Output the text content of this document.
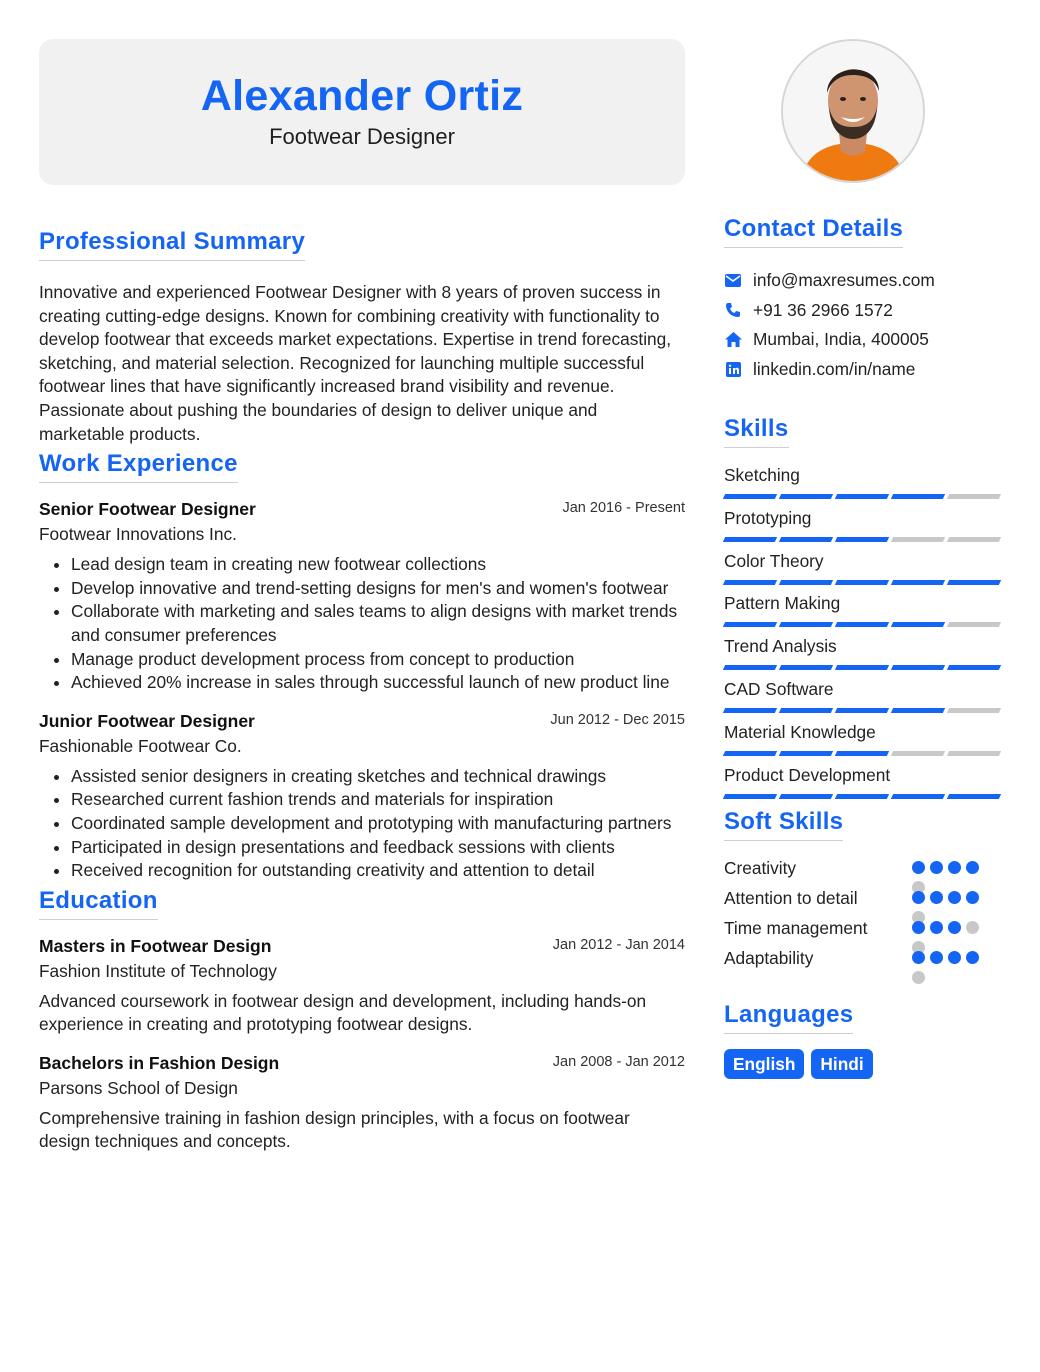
Alexander Ortiz
Footwear Designer
Professional Summary
Innovative and experienced Footwear Designer with 8 years of proven success in creating cutting-edge designs. Known for combining creativity with functionality to develop footwear that exceeds market expectations. Expertise in trend forecasting, sketching, and material selection. Recognized for launching multiple successful footwear lines that have significantly increased brand visibility and revenue. Passionate about pushing the boundaries of design to deliver unique and marketable products.
Work Experience
Senior Footwear Designer	Jan 2016 - Present
Footwear Innovations Inc.
• Lead design team in creating new footwear collections
• Develop innovative and trend-setting designs for men's and women's footwear
• Collaborate with marketing and sales teams to align designs with market trends and consumer preferences
• Manage product development process from concept to production
• Achieved 20% increase in sales through successful launch of new product line
Junior Footwear Designer	Jun 2012 - Dec 2015
Fashionable Footwear Co.
• Assisted senior designers in creating sketches and technical drawings
• Researched current fashion trends and materials for inspiration
• Coordinated sample development and prototyping with manufacturing partners
• Participated in design presentations and feedback sessions with clients
• Received recognition for outstanding creativity and attention to detail
Education
Masters in Footwear Design	Jan 2012 - Jan 2014
Fashion Institute of Technology
Advanced coursework in footwear design and development, including hands-on experience in creating and prototyping footwear designs.
Bachelors in Fashion Design	Jan 2008 - Jan 2012
Parsons School of Design
Comprehensive training in fashion design principles, with a focus on footwear design techniques and concepts.
Contact Details
info@maxresumes.com
+91 36 2966 1572
Mumbai, India, 400005
linkedin.com/in/name
Skills
Sketching
Prototyping
Color Theory
Pattern Making
Trend Analysis
CAD Software
Material Knowledge
Product Development
Soft Skills
Creativity
Attention to detail
Time management
Adaptability
Languages
English	Hindi
